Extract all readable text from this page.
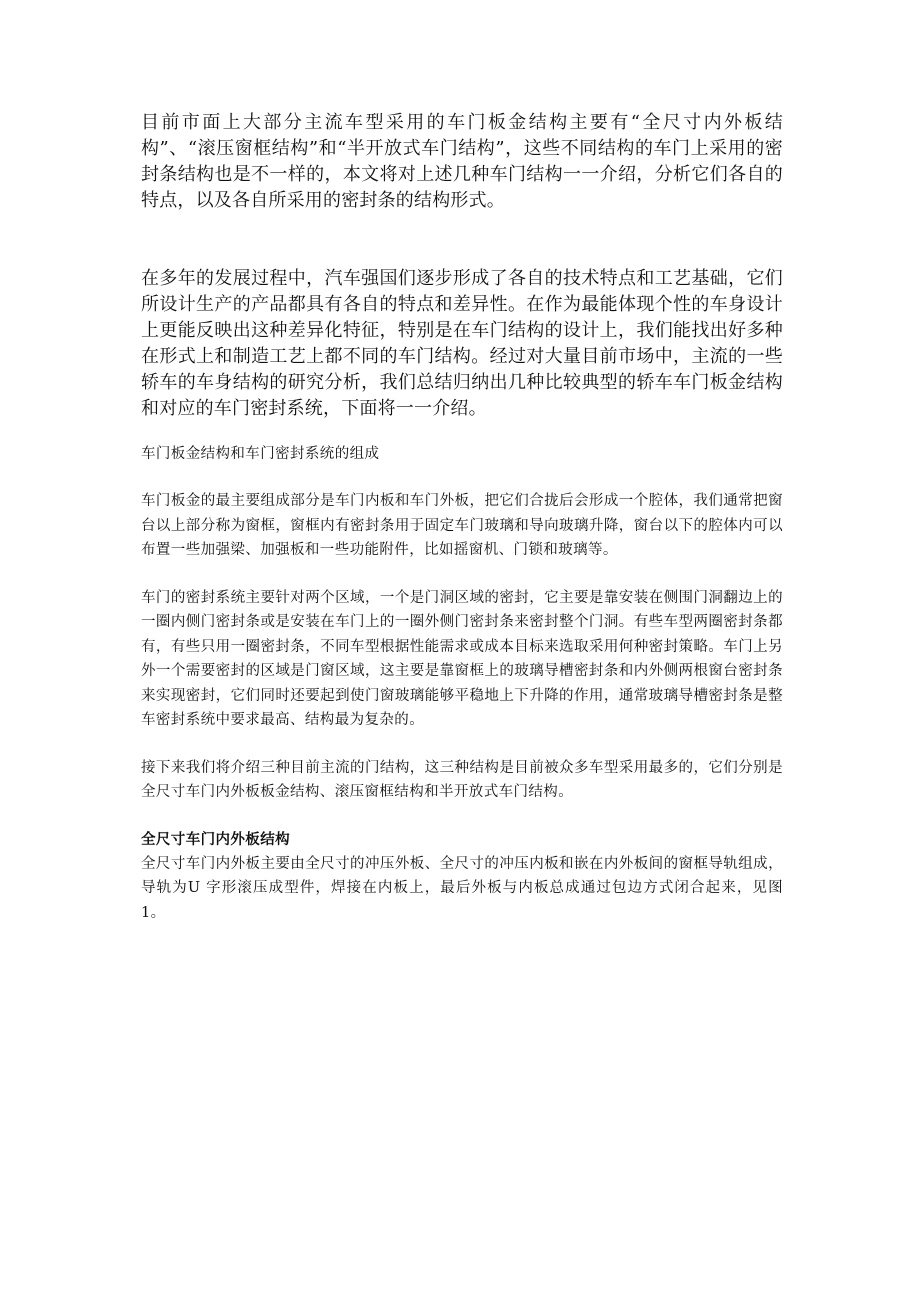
目前市面上大部分主流车型采用的车门板金结构主要有“全尺寸内外板结构”、“滚压窗框结构”和“半开放式车门结构”，这些不同结构的车门上采用的密封条结构也是不一样的，本文将对上述几种车门结构一一介绍，分析它们各自的特点，以及各自所采用的密封条的结构形式。

在多年的发展过程中，汽车强国们逐步形成了各自的技术特点和工艺基础，它们所设计生产的产品都具有各自的特点和差异性。在作为最能体现个性的车身设计上更能反映出这种差异化特征，特别是在车门结构的设计上，我们能找出好多种在形式上和制造工艺上都不同的车门结构。经过对大量目前市场中，主流的一些轿车的车身结构的研究分析，我们总结归纳出几种比较典型的轿车车门板金结构和对应的车门密封系统，下面将一一介绍。

车门板金结构和车门密封系统的组成

车门板金的最主要组成部分是车门内板和车门外板，把它们合拢后会形成一个腔体，我们通常把窗台以上部分称为窗框，窗框内有密封条用于固定车门玻璃和导向玻璃升降，窗台以下的腔体内可以布置一些加强梁、加强板和一些功能附件，比如摇窗机、门锁和玻璃等。

车门的密封系统主要针对两个区域，一个是门洞区域的密封，它主要是靠安装在侧围门洞翻边上的一圈内侧门密封条或是安装在车门上的一圈外侧门密封条来密封整个门洞。有些车型两圈密封条都有，有些只用一圈密封条，不同车型根据性能需求或成本目标来选取采用何种密封策略。车门上另外一个需要密封的区域是门窗区域，这主要是靠窗框上的玻璃导槽密封条和内外侧两根窗台密封条来实现密封，它们同时还要起到使门窗玻璃能够平稳地上下升降的作用，通常玻璃导槽密封条是整车密封系统中要求最高、结构最为复杂的。

接下来我们将介绍三种目前主流的门结构，这三种结构是目前被众多车型采用最多的，它们分别是全尺寸车门内外板板金结构、滚压窗框结构和半开放式车门结构。

全尺寸车门内外板结构

全尺寸车门内外板主要由全尺寸的冲压外板、全尺寸的冲压内板和嵌在内外板间的窗框导轨组成，导轨为U 字形滚压成型件，焊接在内板上，最后外板与内板总成通过包边方式闭合起来，见图 1。
